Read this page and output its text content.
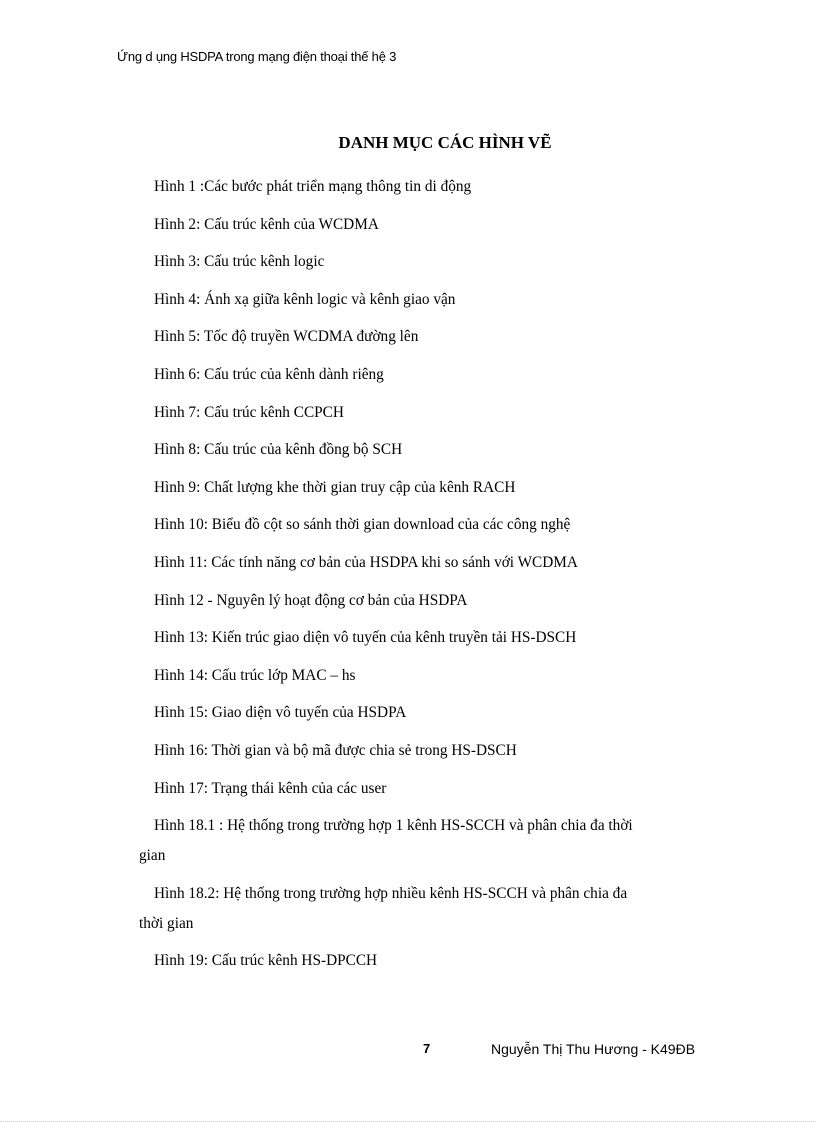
Ứng d ụng HSDPA trong mạng điện thoại thế hệ 3
DANH MỤC CÁC HÌNH VẼ
Hình 1 :Các bước phát triển mạng thông tin di động
Hình 2: Cấu trúc kênh của WCDMA
Hình 3: Cấu trúc kênh logic
Hình 4: Ánh xạ giữa kênh logic và kênh giao vận
Hình 5: Tốc độ truyền WCDMA đường lên
Hình 6: Cấu trúc của kênh dành riêng
Hình 7: Cấu trúc kênh CCPCH
Hình 8: Cấu trúc của kênh đồng bộ SCH
Hình 9: Chất lượng khe thời gian truy cập của kênh RACH
Hình 10: Biểu đồ cột so sánh thời gian download của các công nghệ
Hình 11: Các tính năng cơ bản của HSDPA khi so sánh với WCDMA
Hình 12 - Nguyên lý hoạt động cơ bản của HSDPA
Hình 13: Kiến trúc giao diện vô tuyến của kênh truyền tải HS-DSCH
Hình 14: Cấu trúc lớp MAC – hs
Hình 15: Giao diện vô tuyến của HSDPA
Hình 16: Thời gian và bộ mã được chia sẻ trong HS-DSCH
Hình 17: Trạng thái kênh của các user
Hình 18.1 : Hệ thống trong trường hợp 1 kênh HS-SCCH và phân chia đa thời
gian
Hình 18.2: Hệ thống trong trường hợp nhiều kênh HS-SCCH và phân chia đa
thời gian
Hình 19: Cấu trúc kênh HS-DPCCH
7	Nguyễn Thị Thu Hương - K49ĐB
